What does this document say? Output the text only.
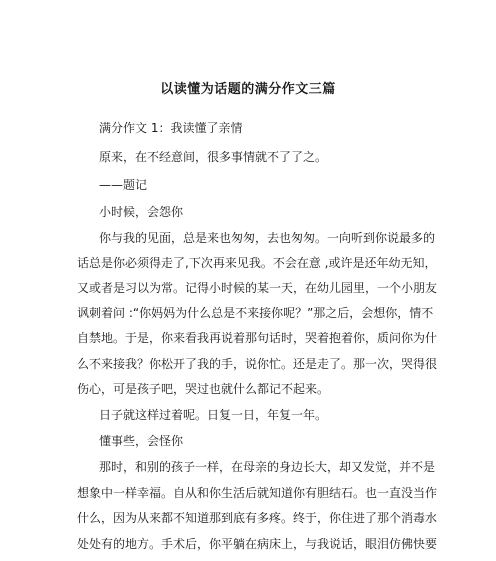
以读懂为话题的满分作文三篇
满分作文 1：我读懂了亲情
原来，在不经意间，很多事情就不了了之。
——题记
小时候，会怨你
你与我的见面，总是来也匆匆，去也匆匆。一向听到你说最多的
话总是你必须得走了,下次再来见我。不会在意 ,或许是还年幼无知，
又或者是习以为常。记得小时候的某一天，在幼儿园里，一个小朋友
讽刺着问 :“你妈妈为什么总是不来接你呢？”那之后，会想你，情不
自禁地。于是，你来看我再说着那句话时，哭着抱着你，质问你为什
么不来接我？你松开了我的手，说你忙。还是走了。那一次，哭得很
伤心，可是孩子吧，哭过也就什么都记不起来。
日子就这样过着呢。日复一日，年复一年。
懂事些，会怪你
那时，和别的孩子一样，在母亲的身边长大，却又发觉，并不是
想象中一样幸福。自从和你生活后就知道你有胆结石。也一直没当作
什么，因为从来都不知道那到底有多疼。终于，你住进了那个消毒水
处处有的地方。手术后，你平躺在病床上，与我说话，眼泪仿佛快要
